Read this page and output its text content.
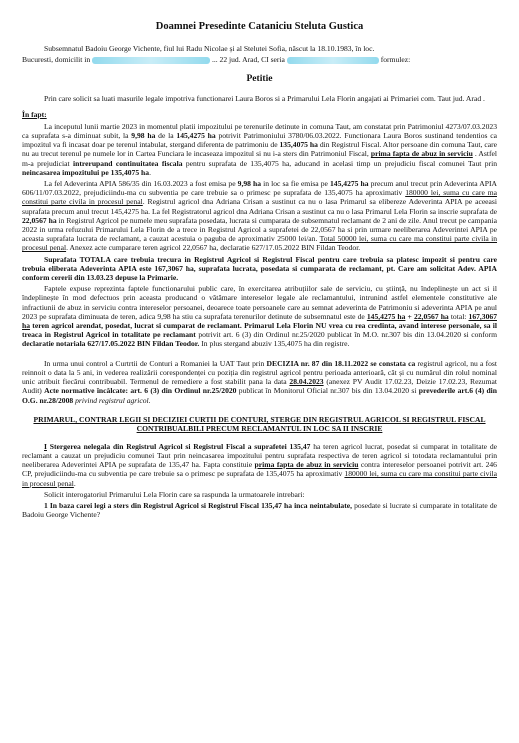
Doamnei Presedinte Cataniciu Steluta Gustica

Subsemnatul Badoiu George Vichente, fiul lui Radu Nicolae și al Stelutei Sofia, născut la 18.10.1983, în loc.

Bucuresti, domicilit in	... 22 jud. Arad, CI seria	formulez:

Petitie

Prin care solicit sa luati masurile legale impotriva functionarei Laura Boros si a Primarului Lela Florin angajati ai Primariei com. Taut jud. Arad .

În fapt:

La inceputul lunii martie 2023 in momentul platii impozitului pe terenurile detinute in comuna Taut, am constatat prin Patrimoniul 4273/07.03.2023 ca suprafata s-a diminuat subit, la 9,98 ha de la 145,4275 ha potrivit Patrimoniului 3780/06.03.2022. Functionara Laura Boros sustinand tendentios ca impozitul va fi incasat doar pe terenul intabulat, stergand diferenta de patrimoniu de 135,4075 ha din Registrul Fiscal. Altor persoane din comuna Taut, care nu au trecut terenul pe numele lor in Cartea Funciara le incaseaza impozitul si nu i-a sters din Patrimoniul Fiscal, prima fapta de abuz in serviciu . Astfel m-a prejudiciat intrerupand continuitatea fiscala pentru suprafata de 135,4075 ha, aducand in acelasi timp un prejudiciu fiscal comunei Taut prin neincasarea impozitului pe 135,4075 ha.

La fel Adeverinta APIA 586/35 din 16.03.2023 a fost emisa pe 9,98 ha in loc sa fie emisa pe 145,4275 ha precum anul trecut prin Adeverinta APIA 606/11/07.03.2022, prejudiciindu-ma cu subventia pe care trebuie sa o primesc pe suprafata de 135,4075 ha aproximativ 180000 lei, suma cu care ma constitui parte civila in procesul penal. Registrul agricol dna Adriana Crisan a sustinut ca nu o lasa Primarul sa elibereze Adeverinta APIA pe aceeasi suprafata precum anul trecut 145,4275 ha. La fel Registratorul agricol dna Adriana Crisan a sustinut ca nu o lasa Primarul Lela Florin sa inscrie suprafata de 22,0567 ha in Registrul Agricol pe numele meu suprafata posedata, lucrata si cumparata de subsemnatul reclamant de 2 ani de zile. Anul trecut pe campania 2022 in urma refuzului Primarului Lela Florin de a trece in Registrul Agricol a suprafetei de 22,0567 ha si prin urmare neeliberarea Adeverintei APIA pe aceasta suprafata lucrata de reclamant, a cauzat acestuia o paguba de aproximativ 25000 lei/an. Total 50000 lei, suma cu care ma constitui parte civila in procesul penal. Anexez acte cumparare teren agricol 22,0567 ha, declaratie 627/17.05.2022 BIN Fildan Teodor.

Suprafata TOTALA care trebuia trecura in Registrul Agricol si Registrul Fiscal pentru care trebuia sa platesc impozit si pentru care trebuia eliberata Adeverinta APIA este 167,3067 ha, suprafata lucrata, posedata si cumparata de reclamant, pt. Care am solicitat Adev. APIA conform cererii din 13.03.23 depuse la Primarie.

Faptele expuse reprezinta faptele functionarului public care, în exercitarea atribuțiilor sale de serviciu, cu știință, nu îndeplinește un act si il îndeplinește în mod defectuos prin aceasta producand o vătămare intereselor legale ale reclamantului, intrunind astfel elementele constitutive ale infractiunii de abuz in serviciu contra intereselor persoanei, deoarece toate persoanele care au semnat adeverinta de Patrimoniu si adeverinta APIA pe anul 2023 pe suprafata diminuata de teren, adica 9,98 ha stiu ca suprafata terenurilor detinute de subsemnatul este de 145,4275 ha + 22,0567 ha total: 167,3067 ha teren agricol arendat, posedat, lucrat si cumparat de reclamant. Primarul Lela Florin NU vrea cu rea credinta, avand interese personale, sa il treaca in Registrul Agricol in totalitate pe reclamant potrivit art. 6 (3) din Ordinul nr.25/2020 publicat în M.O. nr.307 bis din 13.04.2020 si conform declaratie notariala 627/17.05.2022 BIN Fildan Teodor. In plus stergand abuziv 135,4075 ha din registre.

In urma unui control a Curtrtii de Conturi a Romaniei la UAT Taut prin DECIZIA nr. 87 din 18.11.2022 se constata ca registrul agricol, nu a fost reinnoit o data la 5 ani, in vederea realizării corespondenței cu poziția din registrul agricol pentru perioada anterioară, cât și cu numărul din rolul nominal unic atribuit fiecărui contribuabil. Termenul de remediere a fost stabilit pana la data 28.04.2023 (anexez PV Audit 17.02.23, Deizie 17.02.23, Rezumat Audit) Acte normative încălcate: art. 6 (3) din Ordinul nr.25/2020 publicat în Monitorul Oficial nr.307 bis din 13.04.2020 si prevederile art.6 (4) din O.G. nr.28/2008 privind registrul agricol.

PRIMARUL, CONTRAR LEGII SI DECIZIEI CURTII DE CONTURI, STERGE DIN REGISTRUL AGRICOL SI REGISTRUL FISCAL CONTRIBUALBILI PRECUM RECLAMANTUL IN LOC SA II INSCRIE

I Stergerea nelegala din Registrul Agricol si Registrul Fiscal a suprafetei 135,47 ha teren agricol lucrat, posedat si cumparat in totalitate de reclamant a cauzat un prejudiciu comunei Taut prin neincasarea impozitului pentru suprafata respectiva de teren agricol si totodata reclamantului prin neeliberarea Adeverintei APIA pe suprafata de 135,47 ha. Fapta constituie prima fapta de abuz in serviciu contra intereselor persoanei potrivit art. 246 CP, prejudiciindu-ma cu subventia pe care trebuie sa o primesc pe suprafata de 135,4075 ha aproximativ 180000 lei, suma cu care ma constitui parte civila in procesul penal.

Solicit interogatoriul Primarului Lela Florin care sa raspunda la urmatoarele intrebari:

1 In baza carei legi a sters din Registrul Agricol si Registrul Fiscal 135,47 ha inca neintabulate, posedate si lucrate si cumparate in totalitate de Badoiu George Vichente?
